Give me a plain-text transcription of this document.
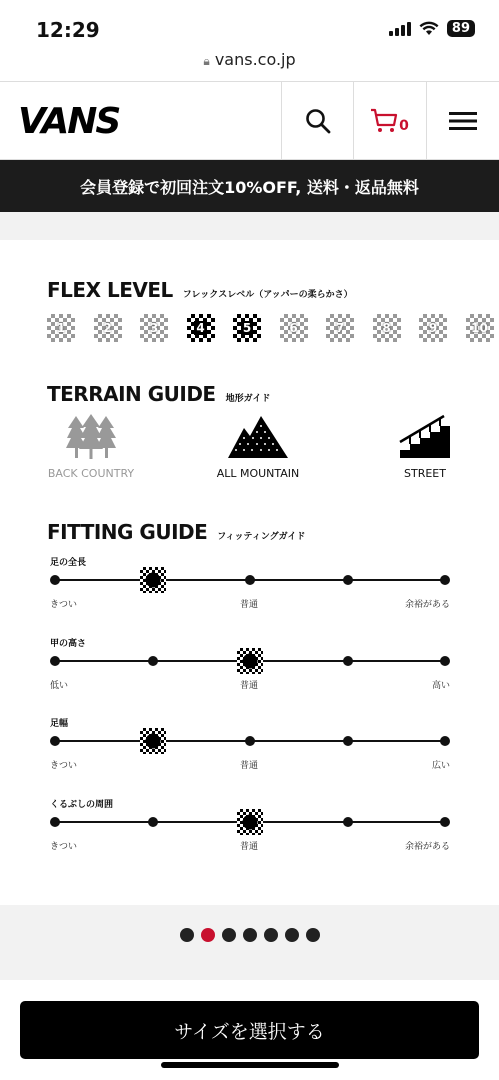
12:29	89
🔒︎ vans.co.jp
VANS	0
会員登録で初回注文10%OFF, 送料・返品無料
FLEX LEVEL フレックスレベル（アッパーの柔らかさ）
1	2	3	4	5	6	7	8	9	10
TERRAIN GUIDE 地形ガイド
BACK COUNTRY	ALL MOUNTAIN	STREET
FITTING GUIDE フィッティングガイド
足の全長
きつい	普通	余裕がある
甲の高さ
低い	普通	高い
足幅
きつい	普通	広い
くるぶしの周囲
きつい	普通	余裕がある
サイズを選択する
